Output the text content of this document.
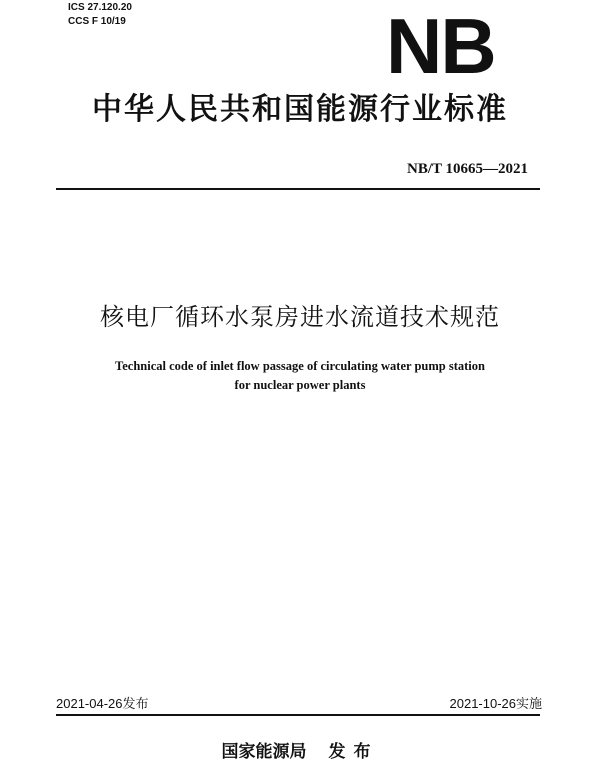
ICS 27.120.20
CCS F 10/19	NB
中华人民共和国能源行业标准
NB/T 10665—2021
核电厂循环水泵房进水流道技术规范
Technical code of inlet flow passage of circulating water pump station
for nuclear power plants
2021-04-26发布	2021-10-26实施
国家能源局 发布
